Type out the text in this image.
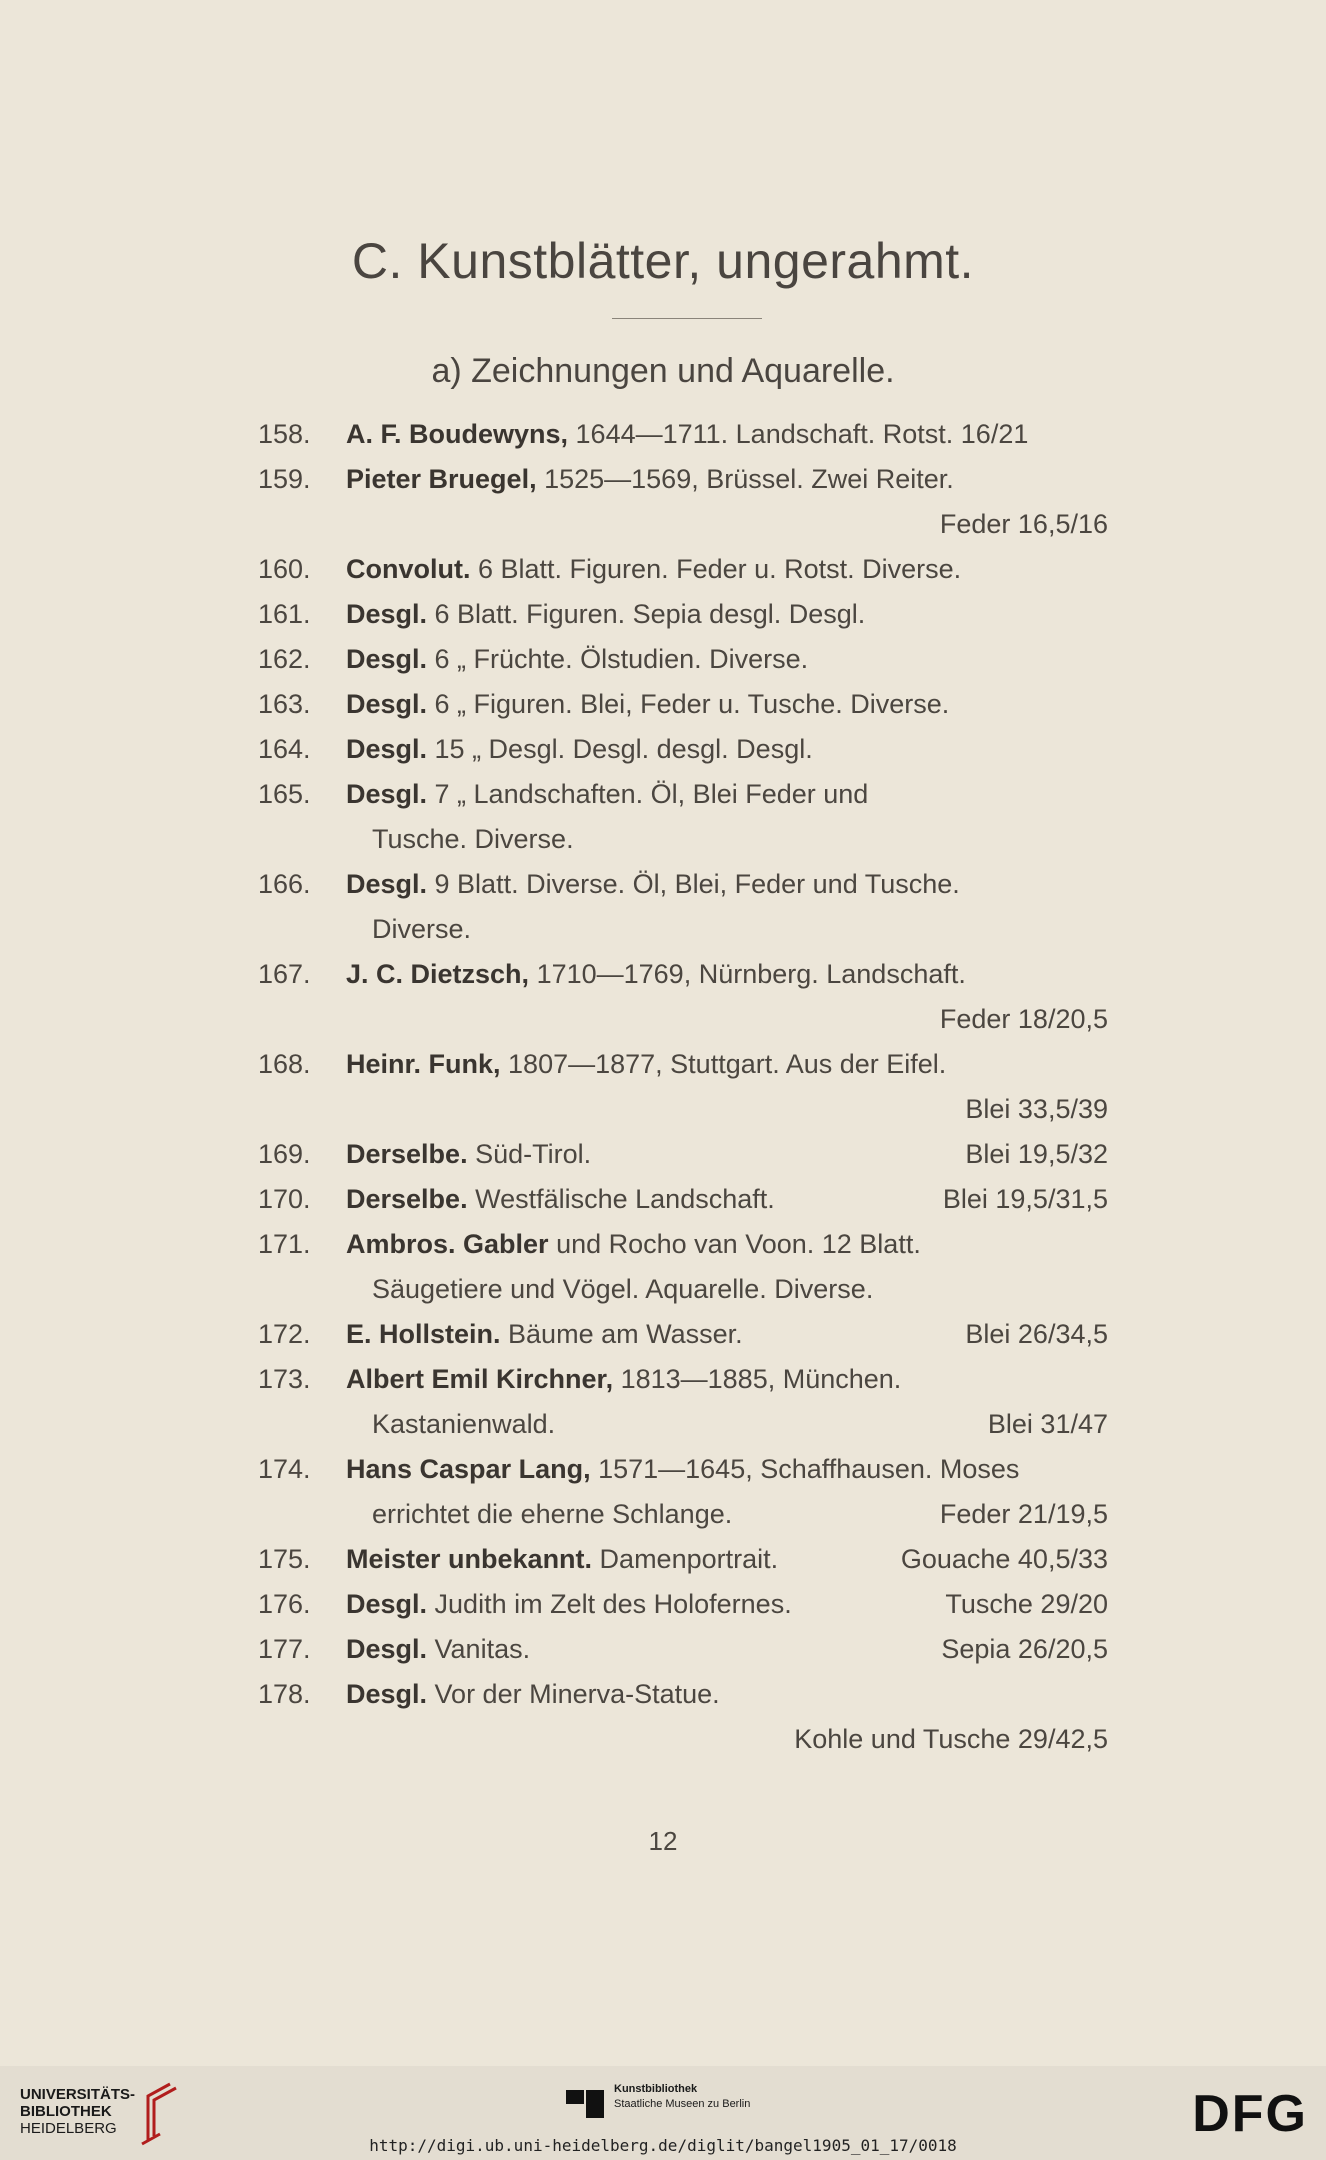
C. Kunstblätter, ungerahmt.
a) Zeichnungen und Aquarelle.
158. A. F. Boudewyns, 1644—1711. Landschaft. Rotst. 16/21
159. Pieter Bruegel, 1525—1569, Brüssel. Zwei Reiter.
Feder 16,5/16
160. Convolut. 6 Blatt. Figuren. Feder u. Rotst. Diverse.
161. Desgl. 6 Blatt. Figuren. Sepia desgl. Desgl.
162. Desgl. 6 „ Früchte. Ölstudien. Diverse.
163. Desgl. 6 „ Figuren. Blei, Feder u. Tusche. Diverse.
164. Desgl. 15 „ Desgl. Desgl. desgl. Desgl.
165. Desgl. 7 „ Landschaften. Öl, Blei Feder und
Tusche. Diverse.
166. Desgl. 9 Blatt. Diverse. Öl, Blei, Feder und Tusche.
Diverse.
167. J. C. Dietzsch, 1710—1769, Nürnberg. Landschaft.
Feder 18/20,5
168. Heinr. Funk, 1807—1877, Stuttgart. Aus der Eifel.
Blei 33,5/39
169. Derselbe. Süd-Tirol.	Blei 19,5/32
170. Derselbe. Westfälische Landschaft.	Blei 19,5/31,5
171. Ambros. Gabler und Rocho van Voon. 12 Blatt.
Säugetiere und Vögel. Aquarelle. Diverse.
172. E. Hollstein. Bäume am Wasser.	Blei 26/34,5
173. Albert Emil Kirchner, 1813—1885, München.
Kastanienwald.	Blei 31/47
174. Hans Caspar Lang, 1571—1645, Schaffhausen. Moses
errichtet die eherne Schlange.	Feder 21/19,5
175. Meister unbekannt. Damenportrait.	Gouache 40,5/33
176. Desgl. Judith im Zelt des Holofernes.	Tusche 29/20
177. Desgl. Vanitas.	Sepia 26/20,5
178. Desgl. Vor der Minerva-Statue.
Kohle und Tusche 29/42,5
12
UNIVERSITÄTS-
BIBLIOTHEK
HEIDELBERG
Kunstbibliothek
Staatliche Museen zu Berlin	DFG
http://digi.ub.uni-heidelberg.de/diglit/bangel1905_01_17/0018
